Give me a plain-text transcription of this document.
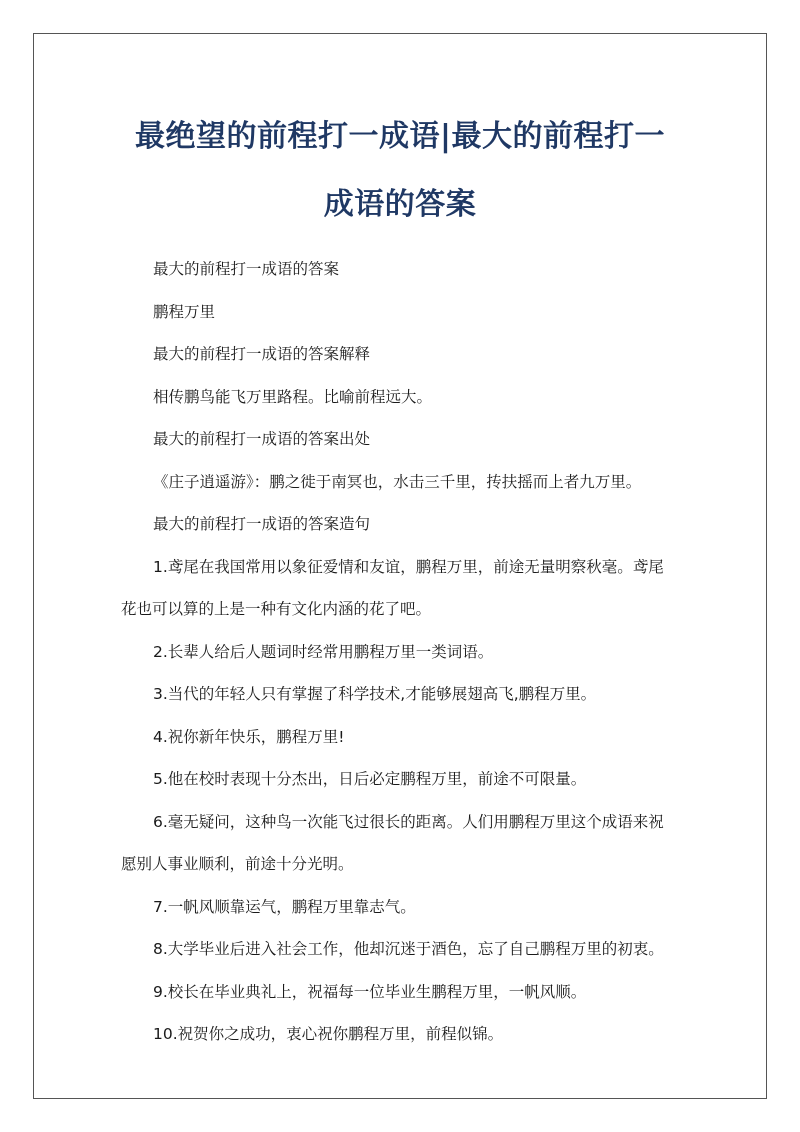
最绝望的前程打一成语|最大的前程打一
成语的答案

最大的前程打一成语的答案

鹏程万里

最大的前程打一成语的答案解释

相传鹏鸟能飞万里路程。比喻前程远大。

最大的前程打一成语的答案出处

《庄子逍遥游》：鹏之徙于南冥也，水击三千里，抟扶摇而上者九万里。

最大的前程打一成语的答案造句

1.鸢尾在我国常用以象征爱情和友谊，鹏程万里，前途无量明察秋毫。鸢尾

花也可以算的上是一种有文化内涵的花了吧。

2.长辈人给后人题词时经常用鹏程万里一类词语。

3.当代的年轻人只有掌握了科学技术,才能够展翅高飞,鹏程万里。

4.祝你新年快乐，鹏程万里!

5.他在校时表现十分杰出，日后必定鹏程万里，前途不可限量。

6.毫无疑问，这种鸟一次能飞过很长的距离。人们用鹏程万里这个成语来祝

愿别人事业顺利，前途十分光明。

7.一帆风顺靠运气，鹏程万里靠志气。

8.大学毕业后进入社会工作，他却沉迷于酒色，忘了自己鹏程万里的初衷。

9.校长在毕业典礼上，祝福每一位毕业生鹏程万里，一帆风顺。

10.祝贺你之成功，衷心祝你鹏程万里，前程似锦。
